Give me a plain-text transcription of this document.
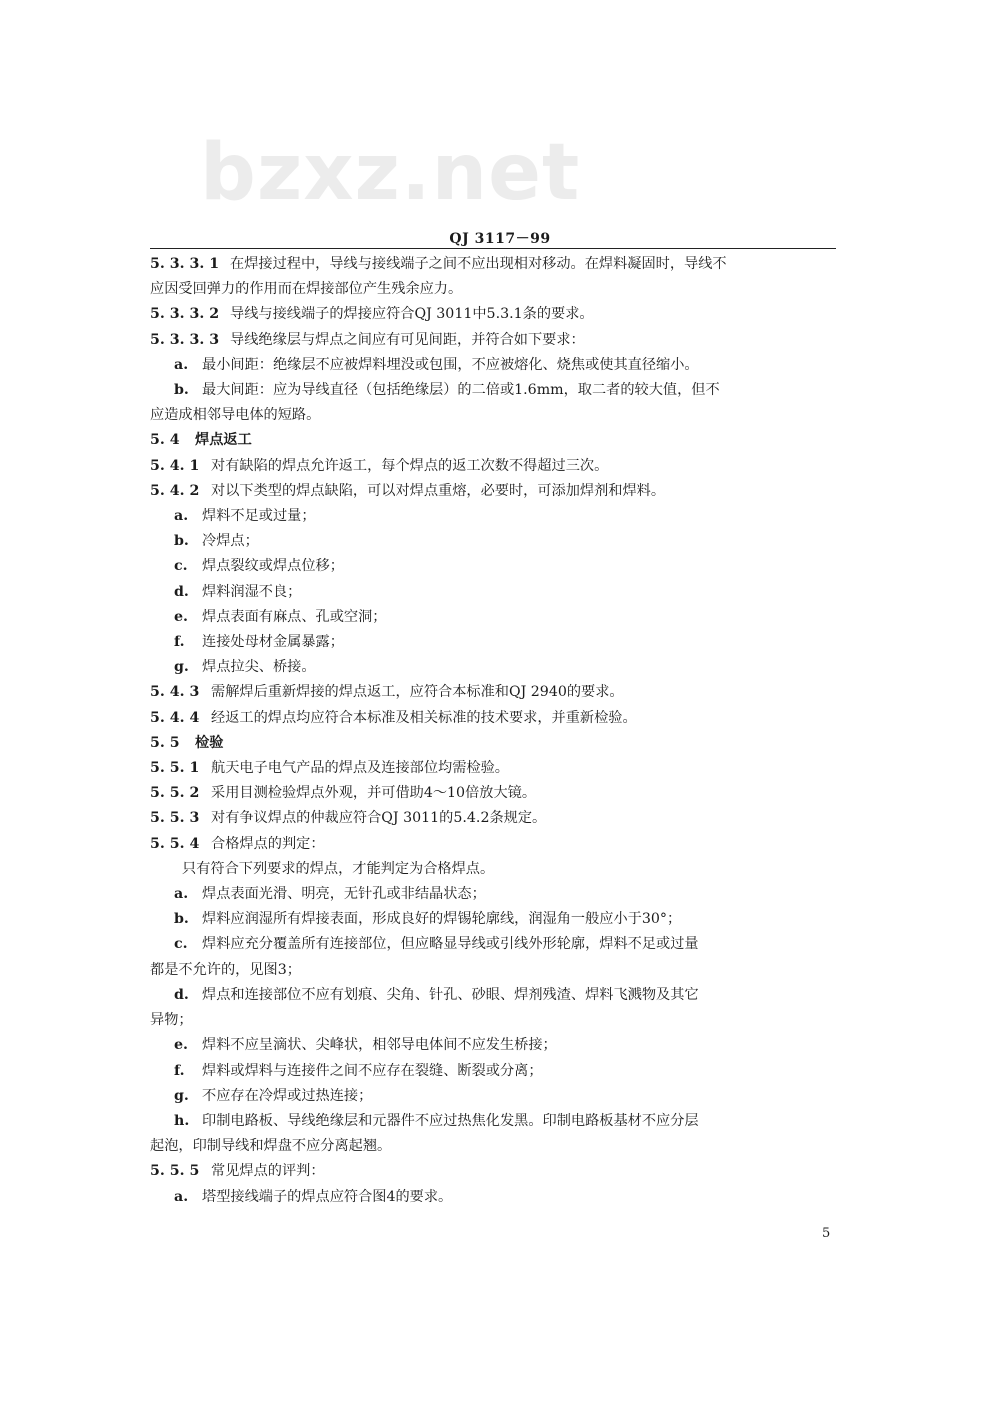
bzxz.net
QJ 3117－99
5. 3. 3. 1 在焊接过程中，导线与接线端子之间不应出现相对移动。在焊料凝固时，导线不
应因受回弹力的作用而在焊接部位产生残余应力。
5. 3. 3. 2 导线与接线端子的焊接应符合QJ 3011中5.3.1条的要求。
5. 3. 3. 3 导线绝缘层与焊点之间应有可见间距，并符合如下要求：
a. 最小间距：绝缘层不应被焊料埋没或包围，不应被熔化、烧焦或使其直径缩小。
b. 最大间距：应为导线直径（包括绝缘层）的二倍或1.6mm，取二者的较大值，但不
应造成相邻导电体的短路。
5. 4 焊点返工
5. 4. 1 对有缺陷的焊点允许返工，每个焊点的返工次数不得超过三次。
5. 4. 2 对以下类型的焊点缺陷，可以对焊点重熔，必要时，可添加焊剂和焊料。
a. 焊料不足或过量；
b. 冷焊点；
c. 焊点裂纹或焊点位移；
d. 焊料润湿不良；
e. 焊点表面有麻点、孔或空洞；
f. 连接处母材金属暴露；
g. 焊点拉尖、桥接。
5. 4. 3 需解焊后重新焊接的焊点返工，应符合本标准和QJ 2940的要求。
5. 4. 4 经返工的焊点均应符合本标准及相关标准的技术要求，并重新检验。
5. 5 检验
5. 5. 1 航天电子电气产品的焊点及连接部位均需检验。
5. 5. 2 采用目测检验焊点外观，并可借助4～10倍放大镜。
5. 5. 3 对有争议焊点的仲裁应符合QJ 3011的5.4.2条规定。
5. 5. 4 合格焊点的判定：
只有符合下列要求的焊点，才能判定为合格焊点。
a. 焊点表面光滑、明亮，无针孔或非结晶状态；
b. 焊料应润湿所有焊接表面，形成良好的焊锡轮廓线，润湿角一般应小于30°；
c. 焊料应充分覆盖所有连接部位，但应略显导线或引线外形轮廓，焊料不足或过量
都是不允许的，见图3；
d. 焊点和连接部位不应有划痕、尖角、针孔、砂眼、焊剂残渣、焊料飞溅物及其它
异物；
e. 焊料不应呈滴状、尖峰状，相邻导电体间不应发生桥接；
f. 焊料或焊料与连接件之间不应存在裂缝、断裂或分离；
g. 不应存在冷焊或过热连接；
h. 印制电路板、导线绝缘层和元器件不应过热焦化发黑。印制电路板基材不应分层
起泡，印制导线和焊盘不应分离起翘。
5. 5. 5 常见焊点的评判：
a. 塔型接线端子的焊点应符合图4的要求。
5
